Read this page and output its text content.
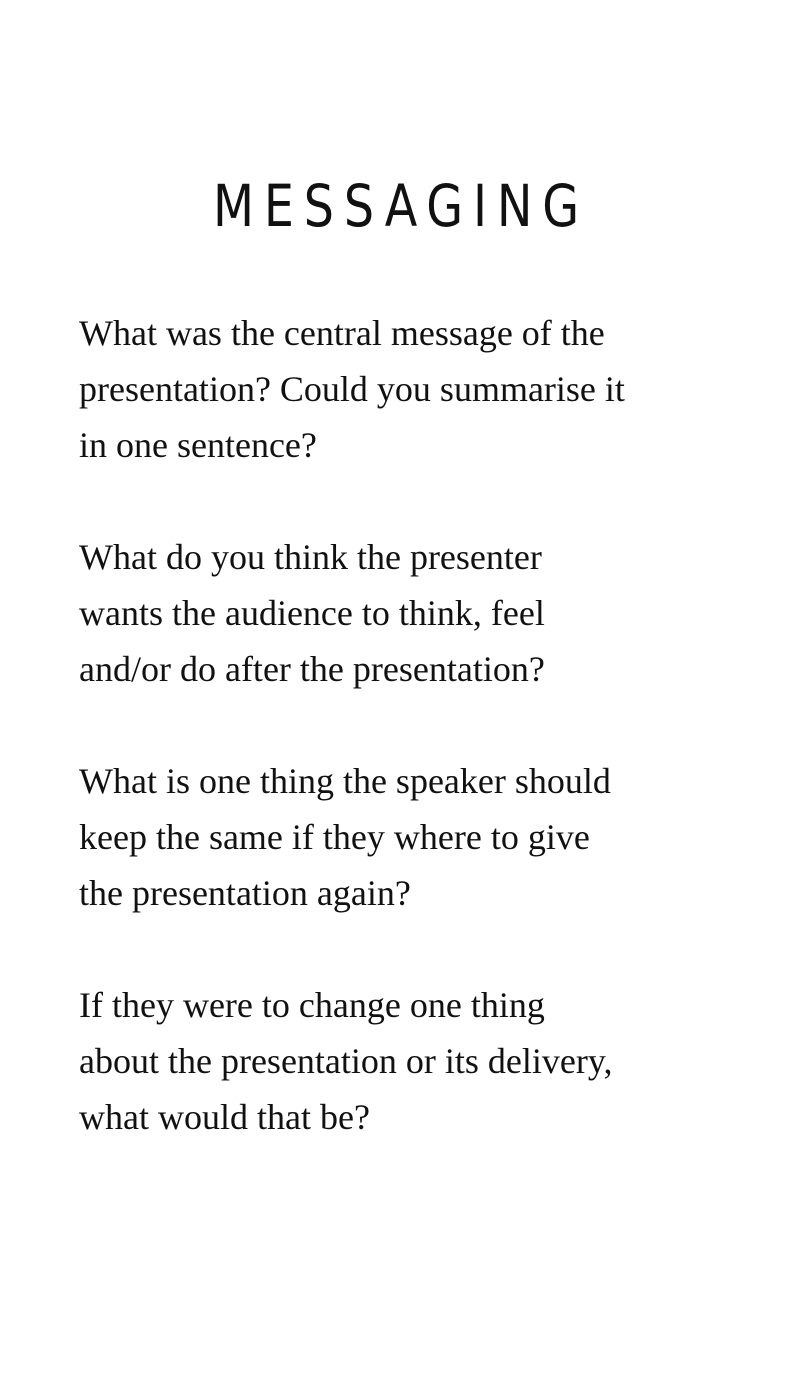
MESSAGING

What was the central message of the
presentation? Could you summarise it
in one sentence?

What do you think the presenter
wants the audience to think, feel
and/or do after the presentation?

What is one thing the speaker should
keep the same if they where to give
the presentation again?

If they were to change one thing
about the presentation or its delivery,
what would that be?
